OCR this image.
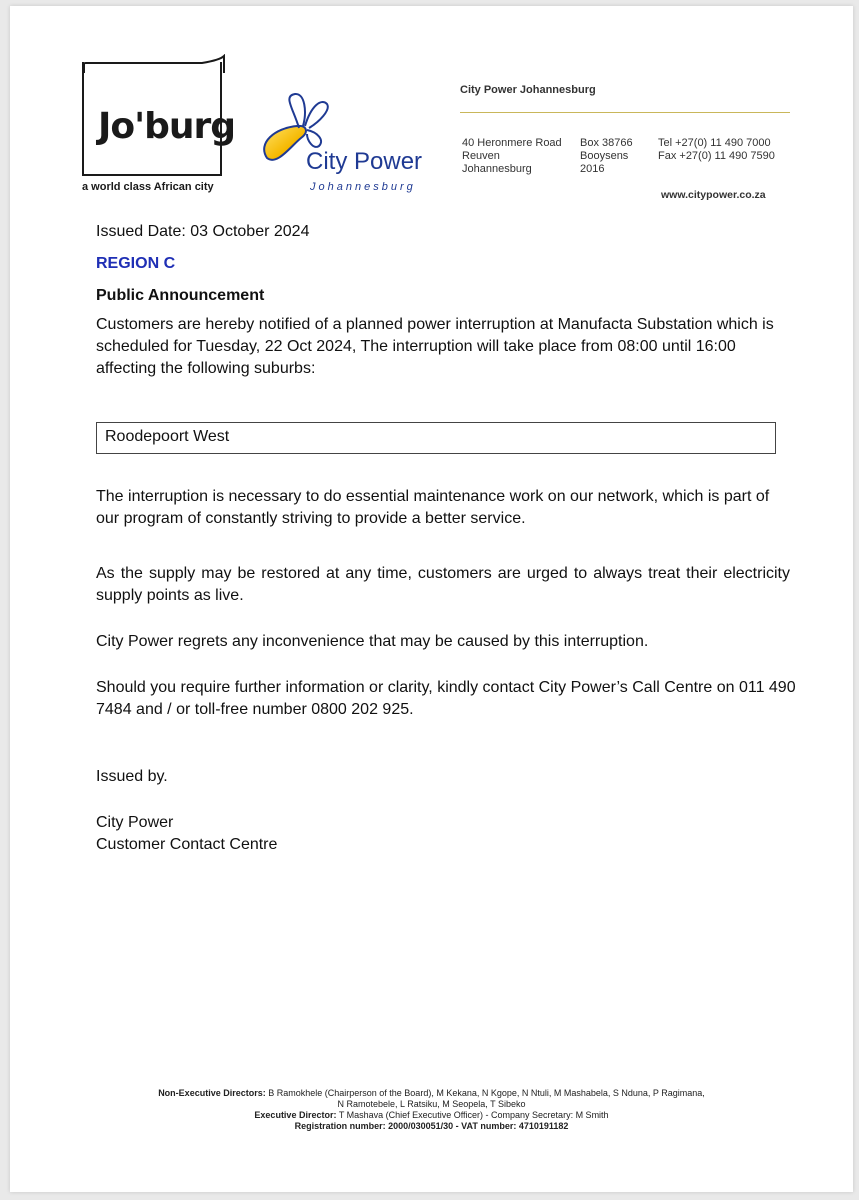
Jo'burg
a world class African city
City Power
Johannesburg
City Power Johannesburg
40 Heronmere Road
Reuven
Johannesburg
Box 38766
Booysens
2016
Tel +27(0) 11 490 7000
Fax +27(0) 11 490 7590
www.citypower.co.za
Issued Date: 03 October 2024
REGION C
Public Announcement
Customers are hereby notified of a planned power interruption at Manufacta Substation which is scheduled for Tuesday, 22 Oct 2024, The interruption will take place from 08:00 until 16:00 affecting the following suburbs:
Roodepoort West
The interruption is necessary to do essential maintenance work on our network, which is part of our program of constantly striving to provide a better service.
As the supply may be restored at any time, customers are urged to always treat their electricity supply points as live.
City Power regrets any inconvenience that may be caused by this interruption.
Should you require further information or clarity, kindly contact City Power’s Call Centre on 011 490 7484 and / or toll-free number 0800 202 925.
Issued by.
City Power
Customer Contact Centre
Non-Executive Directors: B Ramokhele (Chairperson of the Board), M Kekana, N Kgope, N Ntuli, M Mashabela, S Nduna, P Ragimana,
N Ramotebele, L Ratsiku, M Seopela, T Sibeko
Executive Director: T Mashava (Chief Executive Officer) - Company Secretary: M Smith
Registration number: 2000/030051/30 - VAT number: 4710191182
